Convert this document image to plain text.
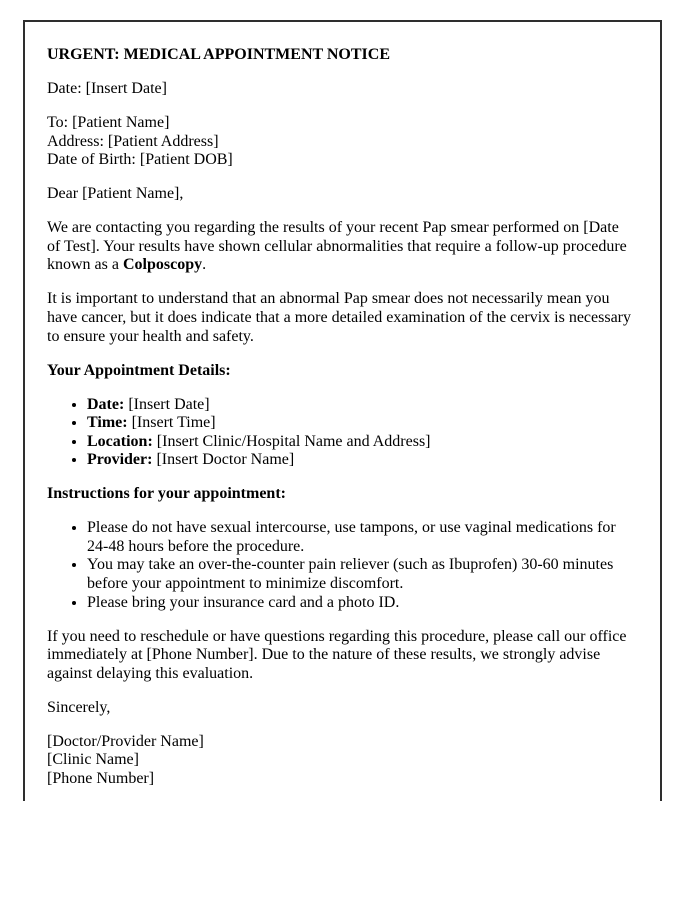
URGENT: MEDICAL APPOINTMENT NOTICE

Date: [Insert Date]

To: [Patient Name]
Address: [Patient Address]
Date of Birth: [Patient DOB]

Dear [Patient Name],

We are contacting you regarding the results of your recent Pap smear performed on [Date
of Test]. Your results have shown cellular abnormalities that require a follow-up procedure
known as a Colposcopy.

It is important to understand that an abnormal Pap smear does not necessarily mean you
have cancer, but it does indicate that a more detailed examination of the cervix is necessary
to ensure your health and safety.

Your Appointment Details:

• Date: [Insert Date]
• Time: [Insert Time]
• Location: [Insert Clinic/Hospital Name and Address]
• Provider: [Insert Doctor Name]

Instructions for your appointment:

• Please do not have sexual intercourse, use tampons, or use vaginal medications for
24-48 hours before the procedure.
• You may take an over-the-counter pain reliever (such as Ibuprofen) 30-60 minutes
before your appointment to minimize discomfort.
• Please bring your insurance card and a photo ID.

If you need to reschedule or have questions regarding this procedure, please call our office
immediately at [Phone Number]. Due to the nature of these results, we strongly advise
against delaying this evaluation.

Sincerely,

[Doctor/Provider Name]
[Clinic Name]
[Phone Number]
